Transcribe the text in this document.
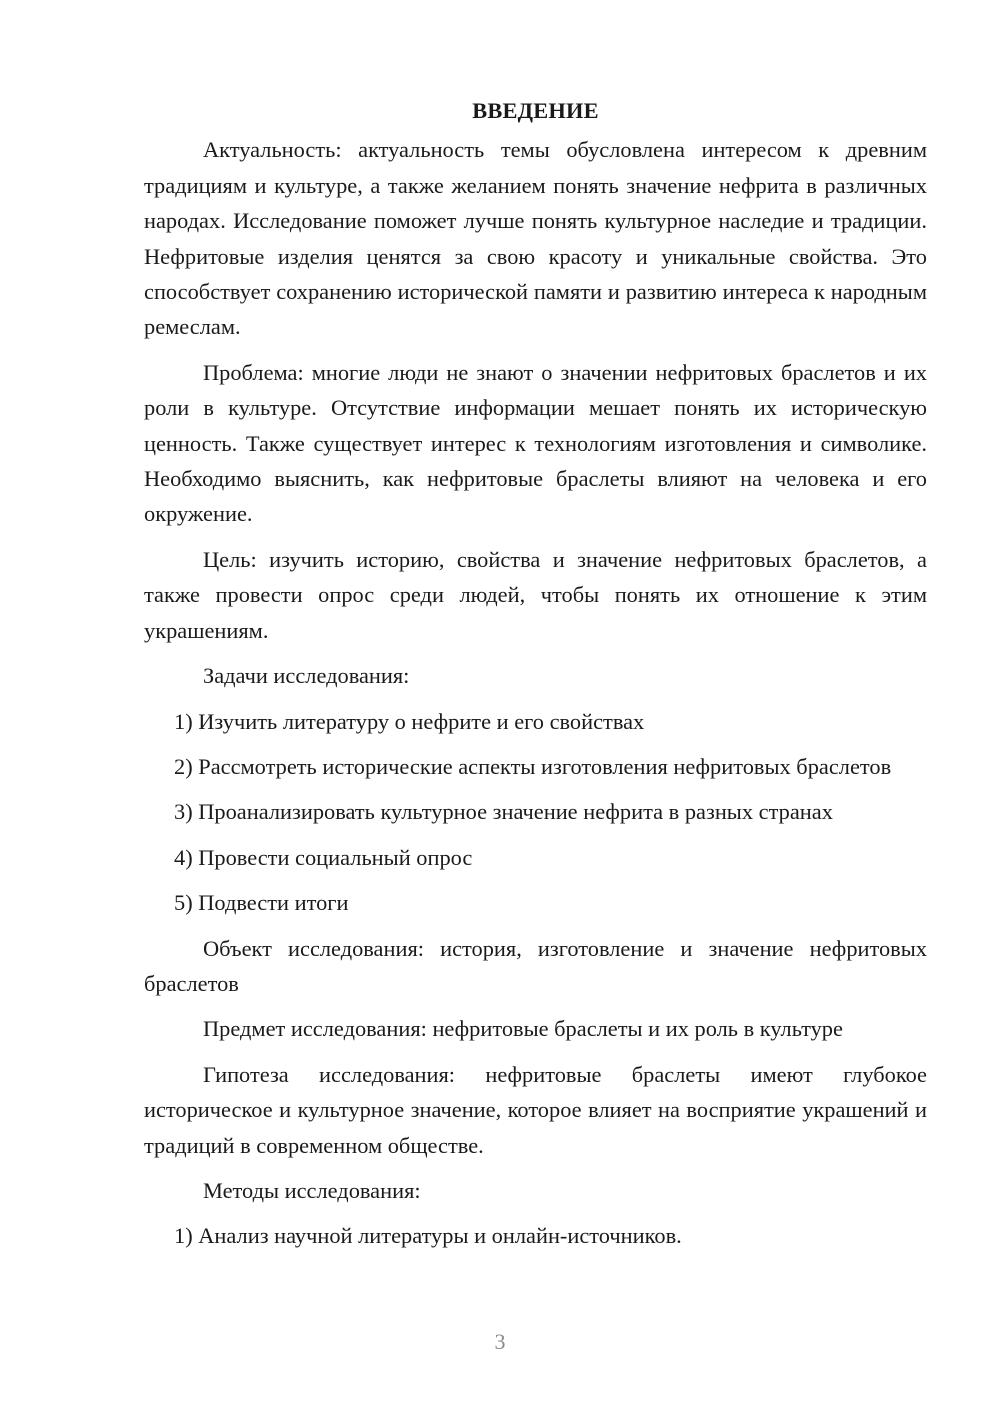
ВВЕДЕНИЕ

Актуальность: актуальность темы обусловлена интересом к древним традициям и культуре, а также желанием понять значение нефрита в различных народах. Исследование поможет лучше понять культурное наследие и традиции. Нефритовые изделия ценятся за свою красоту и уникальные свойства. Это способствует сохранению исторической памяти и развитию интереса к народным ремеслам.

Проблема: многие люди не знают о значении нефритовых браслетов и их роли в культуре. Отсутствие информации мешает понять их историческую ценность. Также существует интерес к технологиям изготовления и символике. Необходимо выяснить, как нефритовые браслеты влияют на человека и его окружение.

Цель: изучить историю, свойства и значение нефритовых браслетов, а также провести опрос среди людей, чтобы понять их отношение к этим украшениям.

Задачи исследования:

1) Изучить литературу о нефрите и его свойствах

2) Рассмотреть исторические аспекты изготовления нефритовых браслетов

3) Проанализировать культурное значение нефрита в разных странах

4) Провести социальный опрос

5) Подвести итоги

Объект исследования: история, изготовление и значение нефритовых браслетов

Предмет исследования: нефритовые браслеты и их роль в культуре

Гипотеза исследования: нефритовые браслеты имеют глубокое историческое и культурное значение, которое влияет на восприятие украшений и традиций в современном обществе.

Методы исследования:

1) Анализ научной литературы и онлайн-источников.

3
